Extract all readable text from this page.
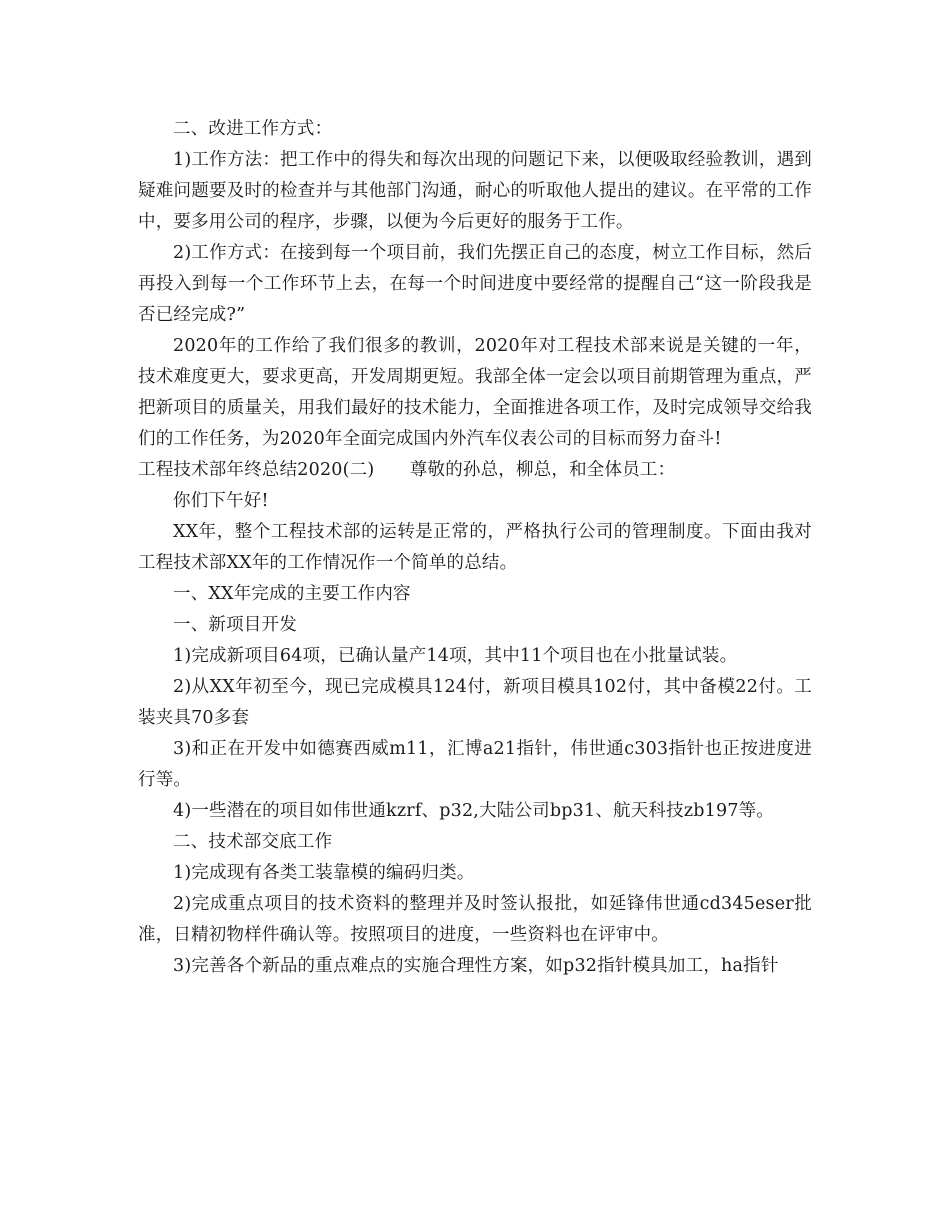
二、改进工作方式：

1)工作方法：把工作中的得失和每次出现的问题记下来，以便吸取经验教训，遇到疑难问题要及时的检查并与其他部门沟通，耐心的听取他人提出的建议。在平常的工作中，要多用公司的程序，步骤，以便为今后更好的服务于工作。

2)工作方式：在接到每一个项目前，我们先摆正自己的态度，树立工作目标，然后再投入到每一个工作环节上去，在每一个时间进度中要经常的提醒自己“这一阶段我是否已经完成?”

2020年的工作给了我们很多的教训，2020年对工程技术部来说是关键的一年，技术难度更大，要求更高，开发周期更短。我部全体一定会以项目前期管理为重点，严把新项目的质量关，用我们最好的技术能力，全面推进各项工作，及时完成领导交给我们的工作任务，为2020年全面完成国内外汽车仪表公司的目标而努力奋斗!

工程技术部年终总结2020(二)　　尊敬的孙总，柳总，和全体员工：

你们下午好!

XX年，整个工程技术部的运转是正常的，严格执行公司的管理制度。下面由我对工程技术部XX年的工作情况作一个简单的总结。

一、XX年完成的主要工作内容

一、新项目开发

1)完成新项目64项，已确认量产14项，其中11个项目也在小批量试装。

2)从XX年初至今，现已完成模具124付，新项目模具102付，其中备模22付。工装夹具70多套

3)和正在开发中如德赛西威m11，汇博a21指针，伟世通c303指针也正按进度进行等。

4)一些潜在的项目如伟世通kzrf、p32,大陆公司bp31、航天科技zb197等。

二、技术部交底工作

1)完成现有各类工装靠模的编码归类。

2)完成重点项目的技术资料的整理并及时签认报批，如延锋伟世通cd345eser批准，日精初物样件确认等。按照项目的进度，一些资料也在评审中。

3)完善各个新品的重点难点的实施合理性方案，如p32指针模具加工，ha指针
